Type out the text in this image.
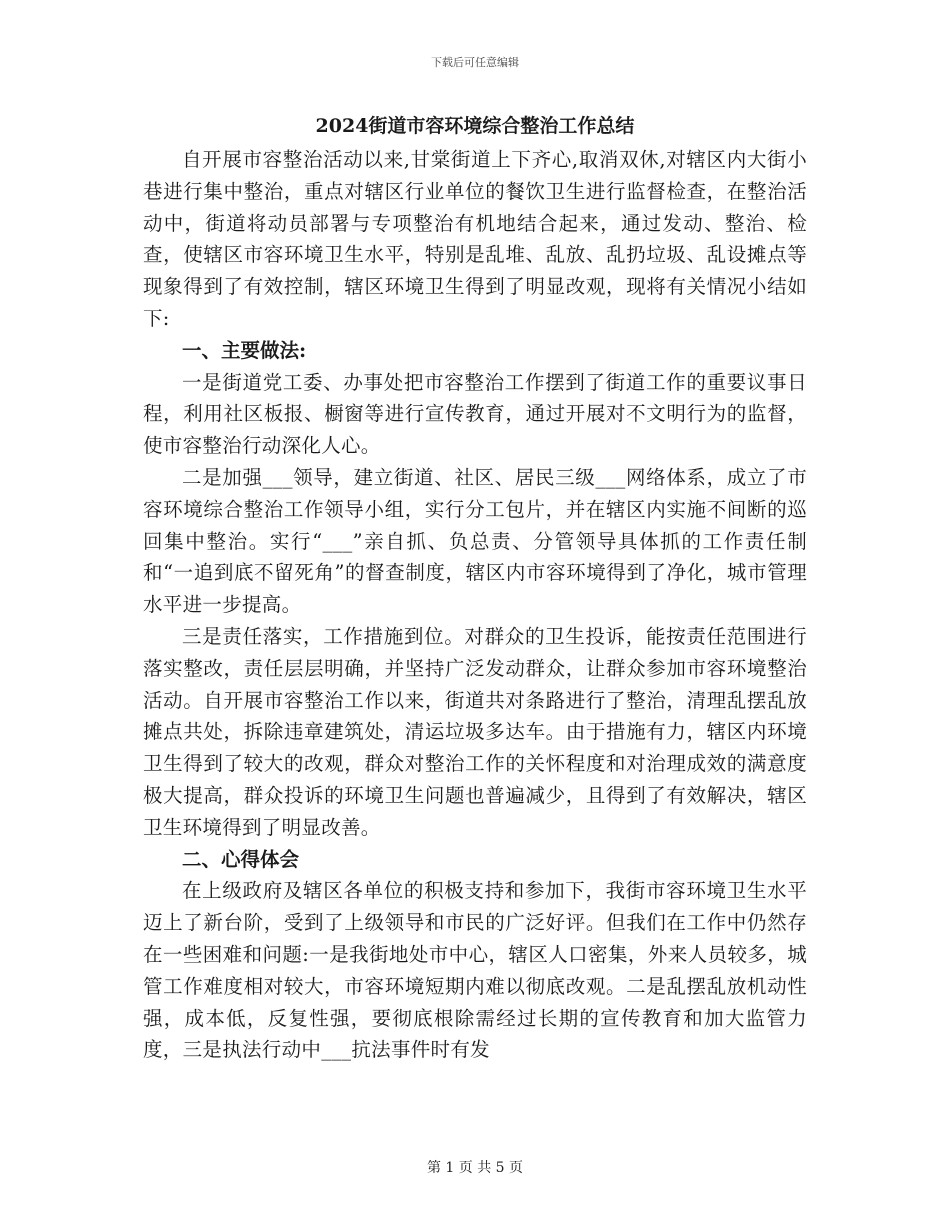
下载后可任意编辑

2024街道市容环境综合整治工作总结

自开展市容整治活动以来,甘棠街道上下齐心,取消双休,对辖区内大街小巷进行集中整治，重点对辖区行业单位的餐饮卫生进行监督检查，在整治活动中，街道将动员部署与专项整治有机地结合起来，通过发动、整治、检查，使辖区市容环境卫生水平，特别是乱堆、乱放、乱扔垃圾、乱设摊点等现象得到了有效控制，辖区环境卫生得到了明显改观，现将有关情况小结如下:

一、主要做法:

一是街道党工委、办事处把市容整治工作摆到了街道工作的重要议事日程，利用社区板报、橱窗等进行宣传教育，通过开展对不文明行为的监督，使市容整治行动深化人心。

二是加强___领导，建立街道、社区、居民三级___网络体系，成立了市容环境综合整治工作领导小组，实行分工包片，并在辖区内实施不间断的巡回集中整治。实行“___”亲自抓、负总责、分管领导具体抓的工作责任制和“一追到底不留死角”的督查制度，辖区内市容环境得到了净化，城市管理水平进一步提高。

三是责任落实，工作措施到位。对群众的卫生投诉，能按责任范围进行落实整改，责任层层明确，并坚持广泛发动群众，让群众参加市容环境整治活动。自开展市容整治工作以来，街道共对条路进行了整治，清理乱摆乱放摊点共处，拆除违章建筑处，清运垃圾多达车。由于措施有力，辖区内环境卫生得到了较大的改观，群众对整治工作的关怀程度和对治理成效的满意度极大提高，群众投诉的环境卫生问题也普遍减少，且得到了有效解决，辖区卫生环境得到了明显改善。

二、心得体会

在上级政府及辖区各单位的积极支持和参加下，我街市容环境卫生水平迈上了新台阶，受到了上级领导和市民的广泛好评。但我们在工作中仍然存在一些困难和问题:一是我街地处市中心，辖区人口密集，外来人员较多，城管工作难度相对较大，市容环境短期内难以彻底改观。二是乱摆乱放机动性强，成本低，反复性强，要彻底根除需经过长期的宣传教育和加大监管力度，三是执法行动中___抗法事件时有发

第 1 页 共 5 页
